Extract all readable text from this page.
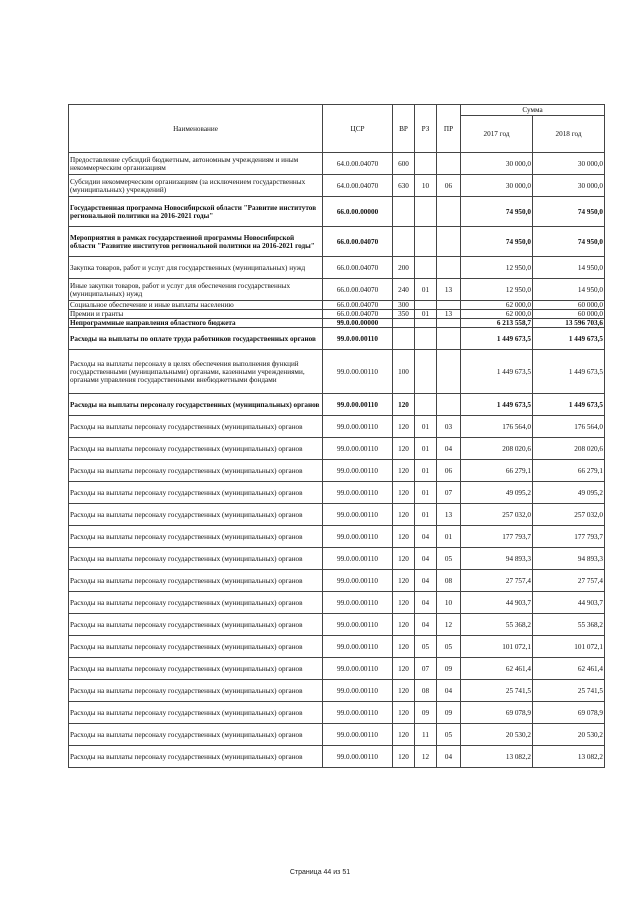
Наименование	ЦСР	ВР	РЗ	ПР	Сумма	
					2017 год	2018 год
Предоставление субсидий бюджетным, автономным учреждениям и иным некоммерческим организациям	64.0.00.04070	600			30 000,0	30 000,0
Субсидии некоммерческим организациям (за исключением государственных (муниципальных) учреждений)	64.0.00.04070	630	10	06	30 000,0	30 000,0
Государственная программа Новосибирской области "Развитие институтов региональной политики на 2016-2021 годы"	66.0.00.00000				74 950,0	74 950,0
Мероприятия в рамках государственной программы Новосибирской области "Развитие институтов региональной политики на 2016-2021 годы"	66.0.00.04070				74 950,0	74 950,0
Закупка товаров, работ и услуг для государственных (муниципальных) нужд	66.0.00.04070	200			12 950,0	14 950,0
Иные закупки товаров, работ и услуг для обеспечения государственных (муниципальных) нужд	66.0.00.04070	240	01	13	12 950,0	14 950,0
Социальное обеспечение и иные выплаты населению	66.0.00.04070	300			62 000,0	60 000,0
Премии и гранты	66.0.00.04070	350	01	13	62 000,0	60 000,0
Непрограммные направления областного бюджета	99.0.00.00000				6 213 558,7	13 596 703,6
Расходы на выплаты по оплате труда работников государственных органов	99.0.00.00110				1 449 673,5	1 449 673,5
Расходы на выплаты персоналу в целях обеспечения выполнения функций государственными (муниципальными) органами, казенными учреждениями, органами управления государственными внебюджетными фондами	99.0.00.00110	100			1 449 673,5	1 449 673,5
Расходы на выплаты персоналу государственных (муниципальных) органов	99.0.00.00110	120			1 449 673,5	1 449 673,5
Расходы на выплаты персоналу государственных (муниципальных) органов	99.0.00.00110	120	01	03	176 564,0	176 564,0
Расходы на выплаты персоналу государственных (муниципальных) органов	99.0.00.00110	120	01	04	208 020,6	208 020,6
Расходы на выплаты персоналу государственных (муниципальных) органов	99.0.00.00110	120	01	06	66 279,1	66 279,1
Расходы на выплаты персоналу государственных (муниципальных) органов	99.0.00.00110	120	01	07	49 095,2	49 095,2
Расходы на выплаты персоналу государственных (муниципальных) органов	99.0.00.00110	120	01	13	257 032,0	257 032,0
Расходы на выплаты персоналу государственных (муниципальных) органов	99.0.00.00110	120	04	01	177 793,7	177 793,7
Расходы на выплаты персоналу государственных (муниципальных) органов	99.0.00.00110	120	04	05	94 893,3	94 893,3
Расходы на выплаты персоналу государственных (муниципальных) органов	99.0.00.00110	120	04	08	27 757,4	27 757,4
Расходы на выплаты персоналу государственных (муниципальных) органов	99.0.00.00110	120	04	10	44 903,7	44 903,7
Расходы на выплаты персоналу государственных (муниципальных) органов	99.0.00.00110	120	04	12	55 368,2	55 368,2
Расходы на выплаты персоналу государственных (муниципальных) органов	99.0.00.00110	120	05	05	101 072,1	101 072,1
Расходы на выплаты персоналу государственных (муниципальных) органов	99.0.00.00110	120	07	09	62 461,4	62 461,4
Расходы на выплаты персоналу государственных (муниципальных) органов	99.0.00.00110	120	08	04	25 741,5	25 741,5
Расходы на выплаты персоналу государственных (муниципальных) органов	99.0.00.00110	120	09	09	69 078,9	69 078,9
Расходы на выплаты персоналу государственных (муниципальных) органов	99.0.00.00110	120	11	05	20 530,2	20 530,2
Расходы на выплаты персоналу государственных (муниципальных) органов	99.0.00.00110	120	12	04	13 082,2	13 082,2
Страница 44 из 51
